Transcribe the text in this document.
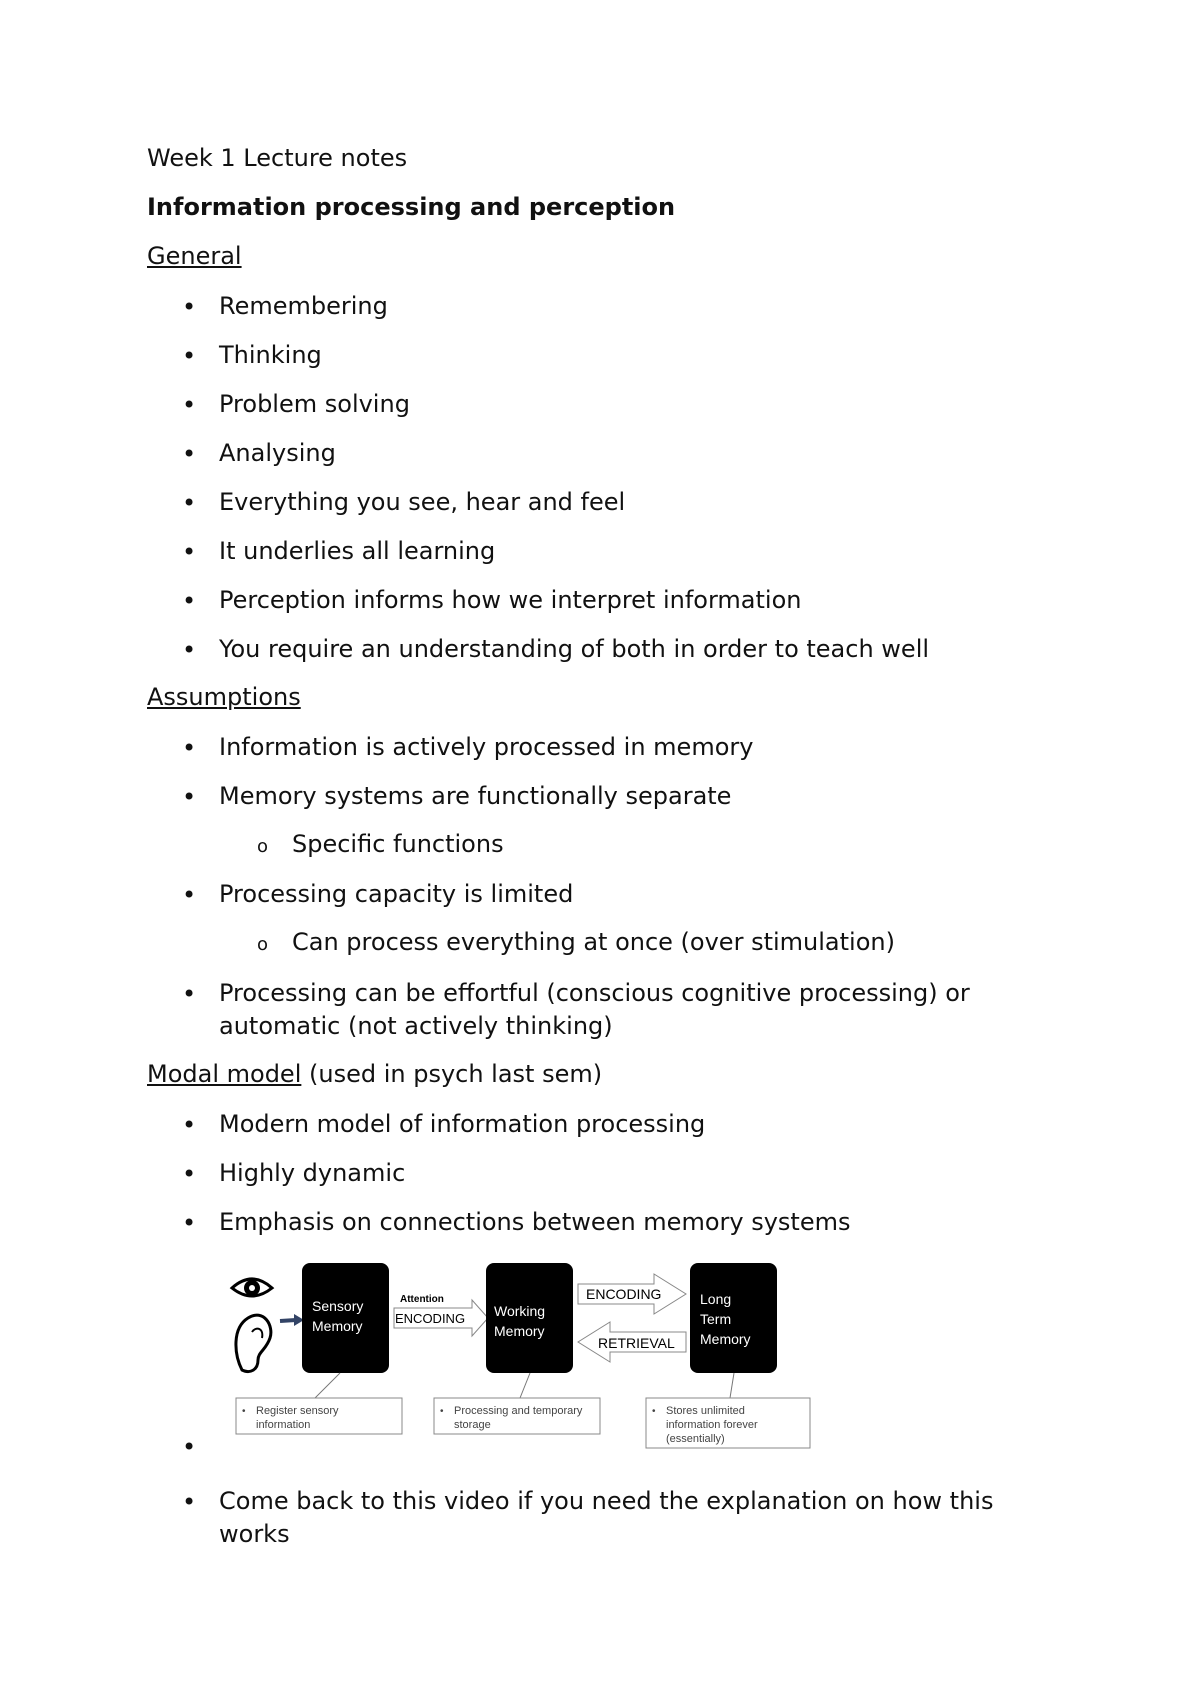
Week 1 Lecture notes
Information processing and perception
General
• Remembering
• Thinking
• Problem solving
• Analysing
• Everything you see, hear and feel
• It underlies all learning
• Perception informs how we interpret information
• You require an understanding of both in order to teach well
Assumptions
• Information is actively processed in memory
• Memory systems are functionally separate
o Specific functions
• Processing capacity is limited
o Can process everything at once (over stimulation)
• Processing can be effortful (conscious cognitive processing) or
automatic (not actively thinking)
Modal model (used in psych last sem)
• Modern model of information processing
• Highly dynamic
• Emphasis on connections between memory systems
Sensory
Memory
Attention
ENCODING Working
Memory
ENCODING
RETRIEVAL
Long
Term
Memory
• Register sensory
information
• Processing and temporary
storage
• Stores unlimited
information forever
(essentially)
•
• Come back to this video if you need the explanation on how this
works
